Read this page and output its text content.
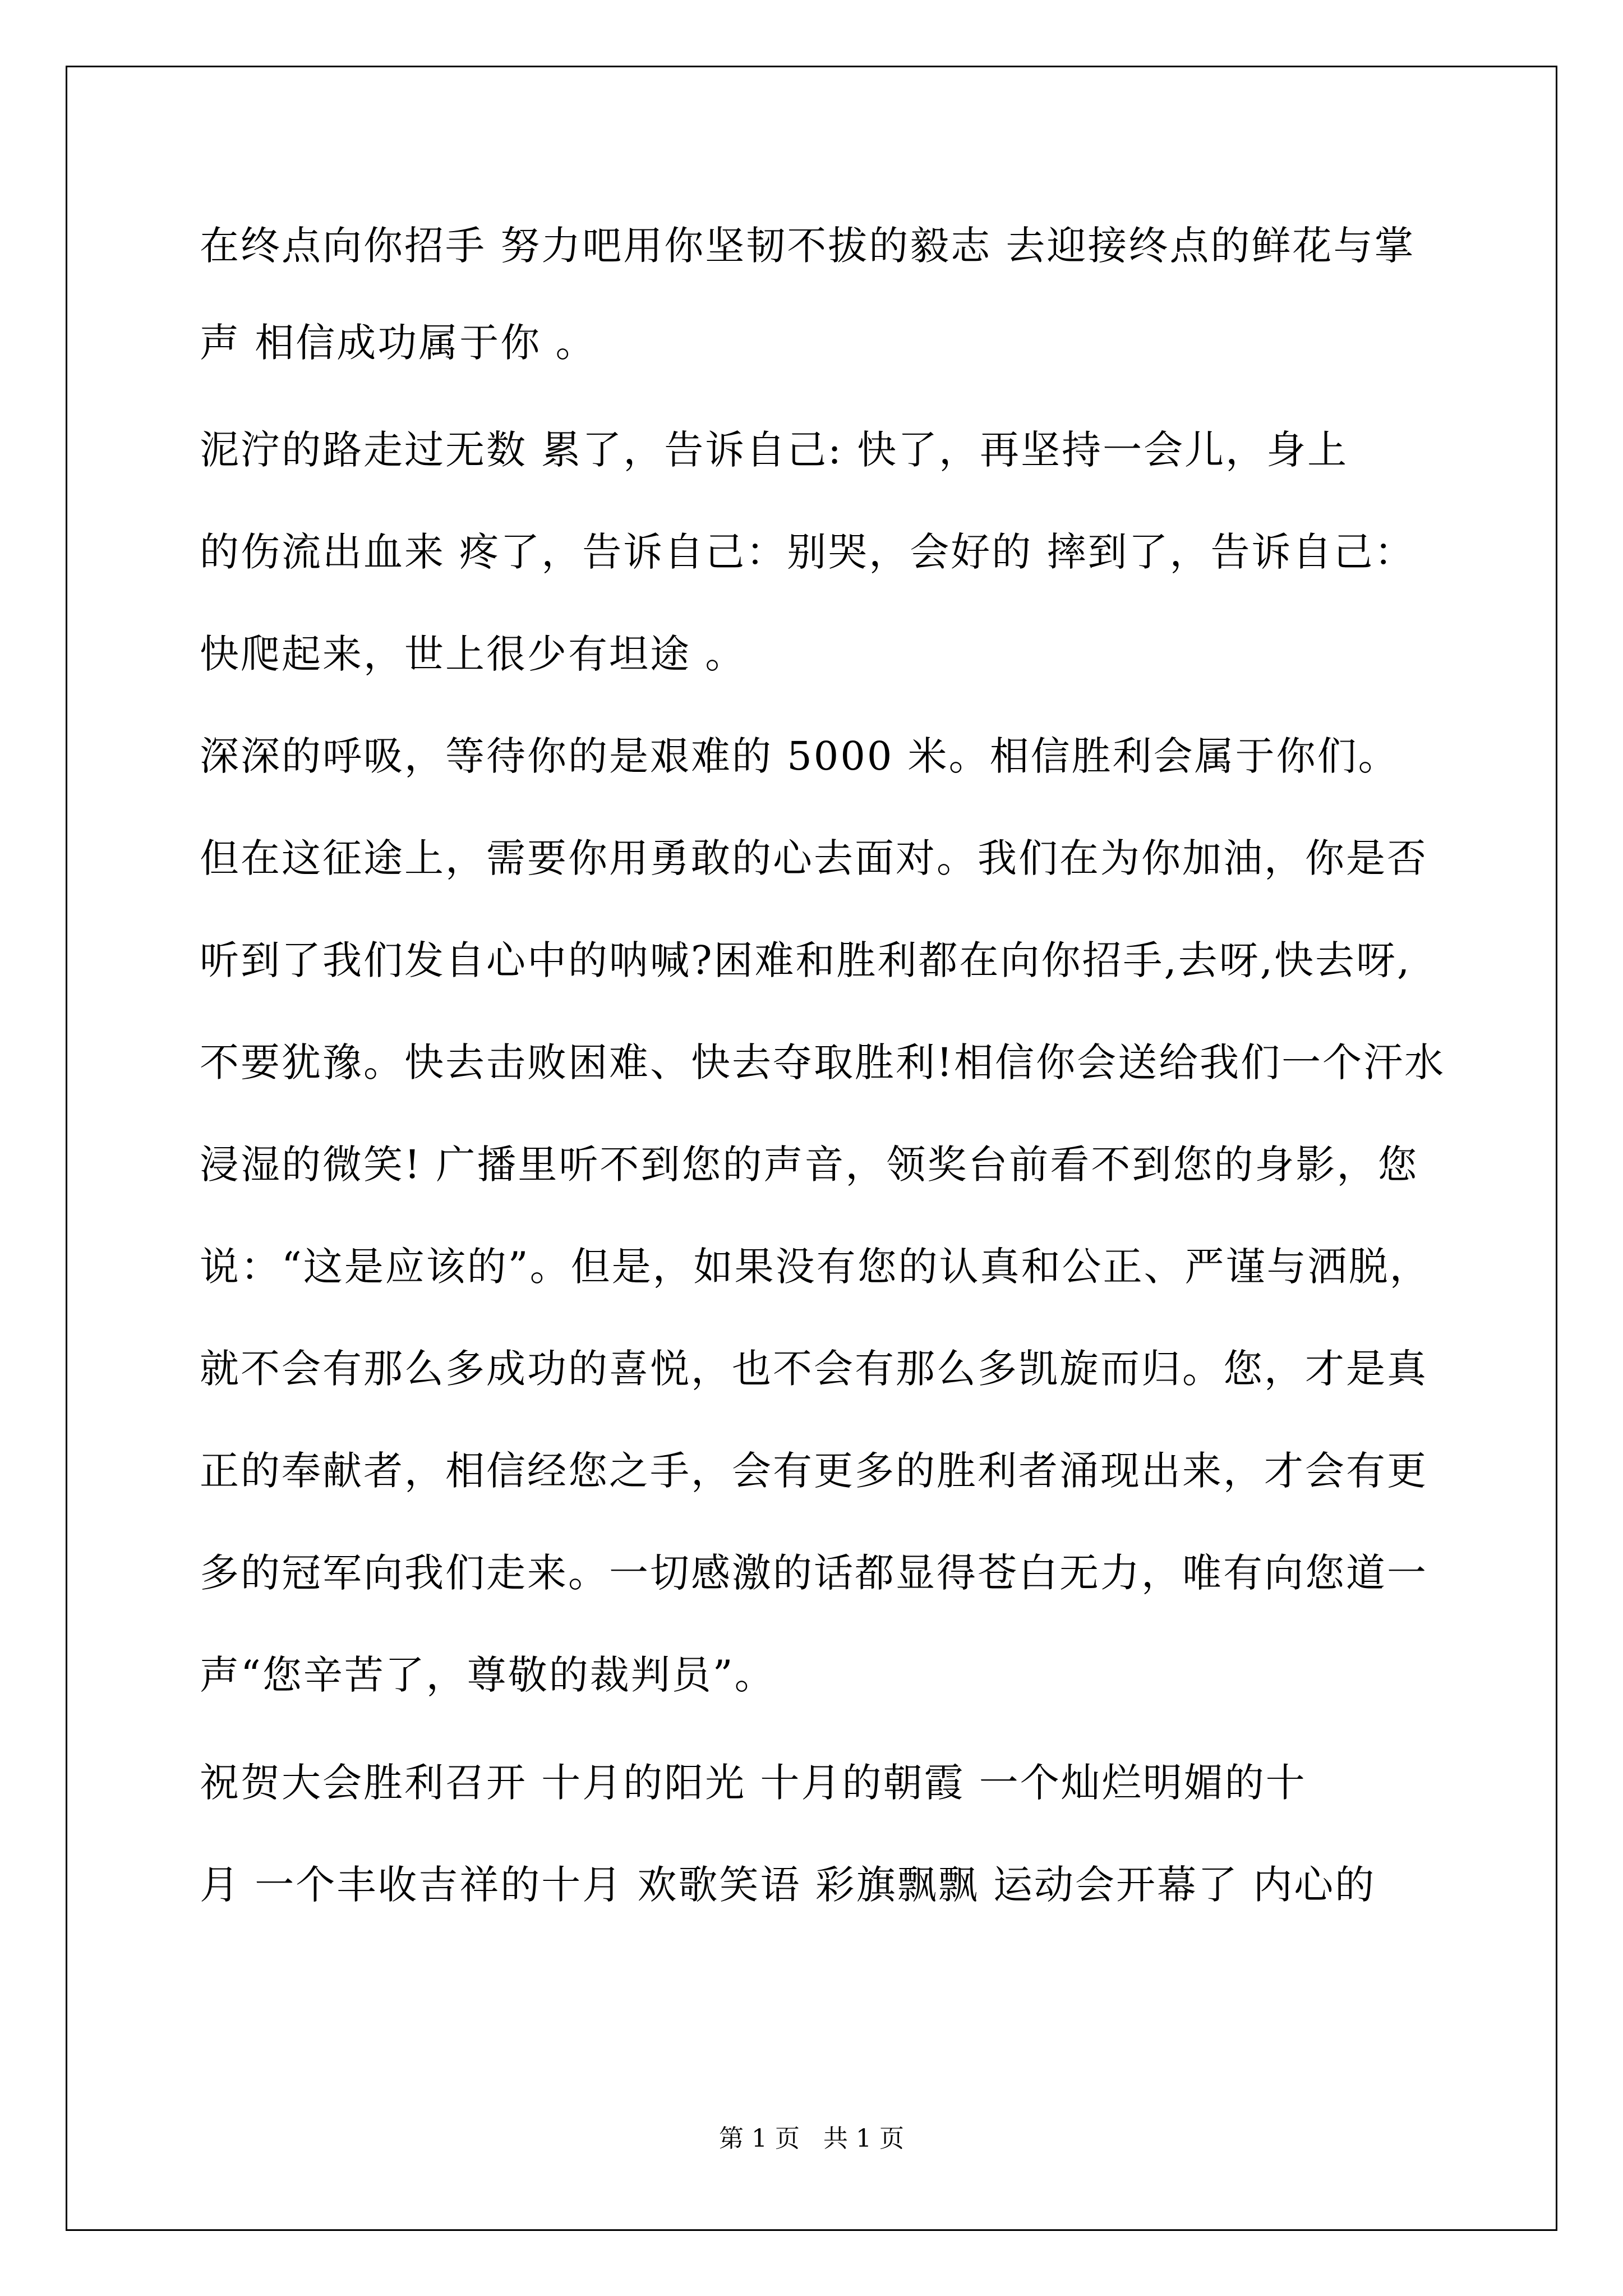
在终点向你招手 努力吧用你坚韧不拔的毅志 去迎接终点的鲜花与掌
声 相信成功属于你 。
泥泞的路走过无数 累了，告诉自己: 快了，再坚持一会儿，身上
的伤流出血来 疼了，告诉自己：别哭，会好的 摔到了，告诉自己：
快爬起来，世上很少有坦途 。
深深的呼吸，等待你的是艰难的 5000 米。相信胜利会属于你们。
但在这征途上，需要你用勇敢的心去面对。我们在为你加油，你是否
听到了我们发自心中的呐喊?困难和胜利都在向你招手,去呀,快去呀,
不要犹豫。快去击败困难、快去夺取胜利!相信你会送给我们一个汗水
浸湿的微笑! 广播里听不到您的声音，领奖台前看不到您的身影，您
说：“这是应该的”。但是，如果没有您的认真和公正、严谨与洒脱，
就不会有那么多成功的喜悦，也不会有那么多凯旋而归。您，才是真
正的奉献者，相信经您之手，会有更多的胜利者涌现出来，才会有更
多的冠军向我们走来。一切感激的话都显得苍白无力，唯有向您道一
声“您辛苦了，尊敬的裁判员”。
祝贺大会胜利召开 十月的阳光 十月的朝霞 一个灿烂明媚的十
月 一个丰收吉祥的十月 欢歌笑语 彩旗飘飘 运动会开幕了 内心的
第 1 页   共 1 页
